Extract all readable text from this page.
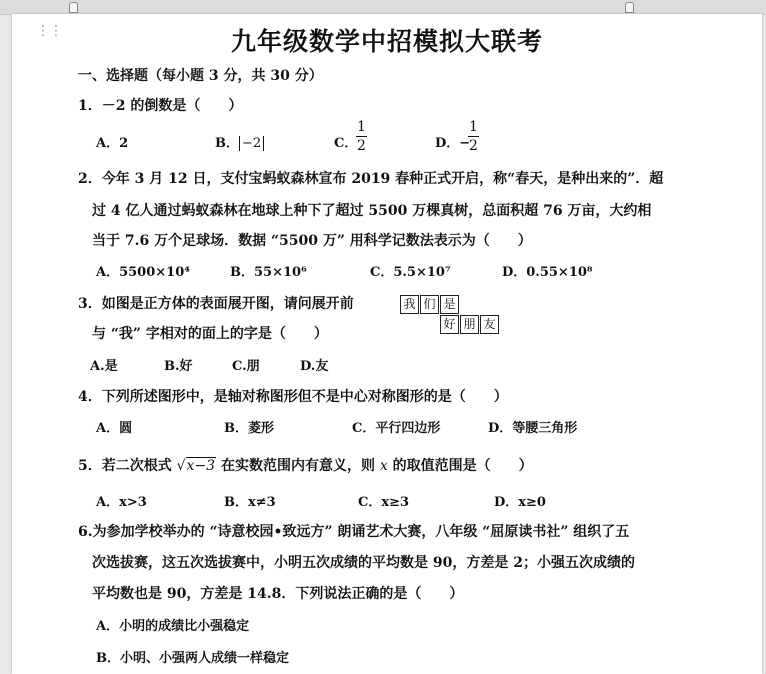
⋮⋮	九年级数学中招模拟大联考
一、选择题（每小题 3 分，共 30 分）
1．－2 的倒数是（　　）
A．2	B． −2	C．
1
2	D．−
1
2
2．今年 3 月 12 日，支付宝蚂蚁森林宣布 2019 春种正式开启，称“春天，是种出来的”．超
过 4 亿人通过蚂蚁森林在地球上种下了超过 5500 万棵真树，总面积超 76 万亩，大约相
当于 7.6 万个足球场．数据 “5500 万” 用科学记数法表示为（　　）
A．5500×10⁴	B．55×10⁶	C．5.5×10⁷	D．0.55×10⁸
3．如图是正方体的表面展开图，请问展开前
与 “我” 字相对的面上的字是（　　）
我 们 是
好 朋 友
A.是	B.好	C.朋	D.友
4．下列所述图形中，是轴对称图形但不是中心对称图形的是（　　）
A．圆	B．菱形	C．平行四边形	D．等腰三角形
5．若二次根式 √x−3 在实数范围内有意义，则 x 的取值范围是（　　）
A．x>3	B．x≠3	C．x≥3	D．x≥0
6.为参加学校举办的 “诗意校园•致远方” 朗诵艺术大赛，八年级 “屈原读书社” 组织了五
次选拔赛，这五次选拔赛中，小明五次成绩的平均数是 90，方差是 2；小强五次成绩的
平均数也是 90，方差是 14.8．下列说法正确的是（　　）
A．小明的成绩比小强稳定
B．小明、小强两人成绩一样稳定
